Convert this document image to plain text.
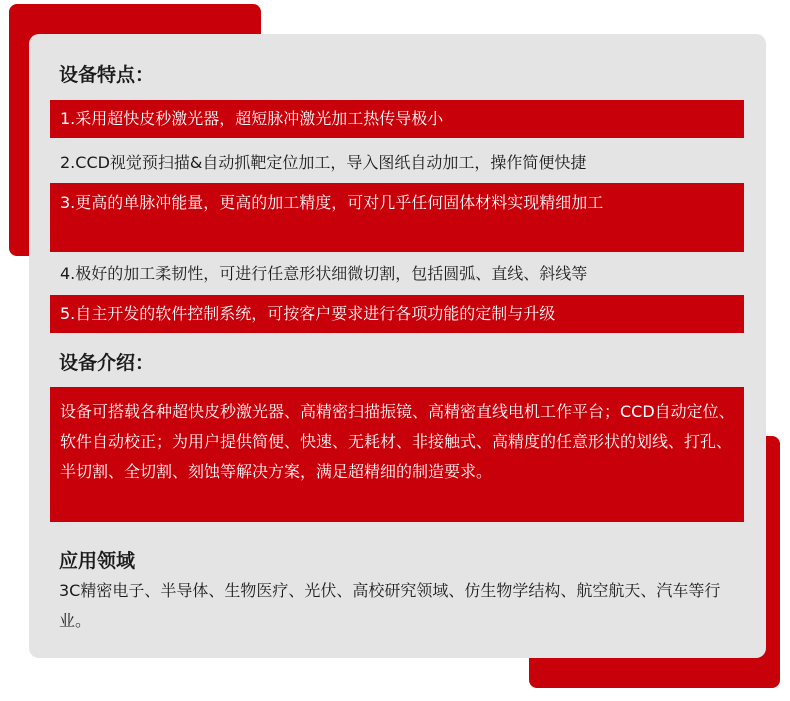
设备特点：
1.采用超快皮秒激光器，超短脉冲激光加工热传导极小
2.CCD视觉预扫描&自动抓靶定位加工，导入图纸自动加工，操作简便快捷
3.更高的单脉冲能量，更高的加工精度，可对几乎任何固体材料实现精细加工
4.极好的加工柔韧性，可进行任意形状细微切割，包括圆弧、直线、斜线等
5.自主开发的软件控制系统，可按客户要求进行各项功能的定制与升级
设备介绍：
设备可搭载各种超快皮秒激光器、高精密扫描振镜、高精密直线电机工作平台；CCD自动定位、软件自动校正；为用户提供简便、快速、无耗材、非接触式、高精度的任意形状的划线、打孔、半切割、全切割、刻蚀等解决方案，满足超精细的制造要求。
应用领域
3C精密电子、半导体、生物医疗、光伏、高校研究领域、仿生物学结构、航空航天、汽车等行业。
